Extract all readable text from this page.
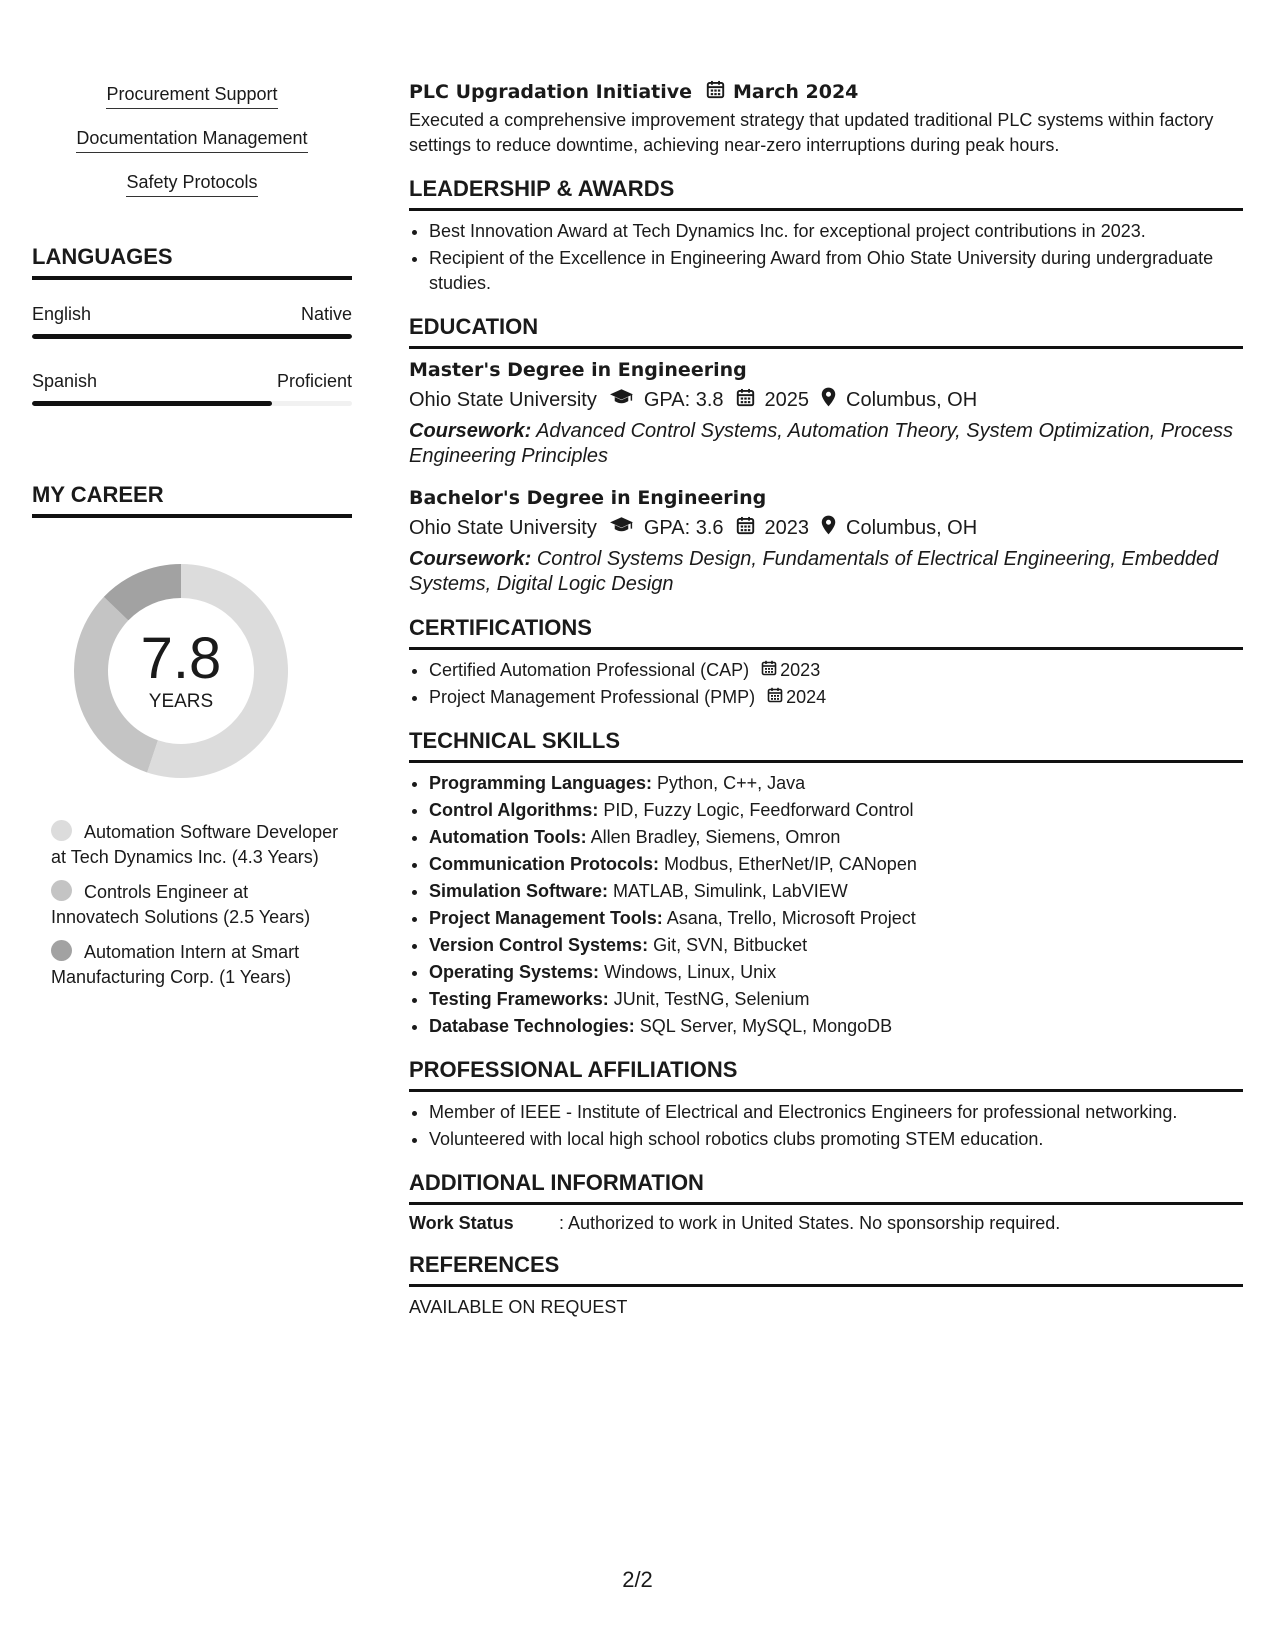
Procurement Support
Documentation Management
Safety Protocols
LANGUAGES
English	Native
Spanish	Proficient
MY CAREER
7.8
YEARS
Automation Software Developer at Tech Dynamics Inc. (4.3 Years)
Controls Engineer at Innovatech Solutions (2.5 Years)
Automation Intern at Smart Manufacturing Corp. (1 Years)
PLC Upgradation Initiative March 2024
Executed a comprehensive improvement strategy that updated traditional PLC systems within factory settings to reduce downtime, achieving near-zero interruptions during peak hours.
LEADERSHIP & AWARDS
• Best Innovation Award at Tech Dynamics Inc. for exceptional project contributions in 2023.
• Recipient of the Excellence in Engineering Award from Ohio State University during undergraduate studies.
EDUCATION
Master's Degree in Engineering
Ohio State University GPA: 3.8 2025 Columbus, OH
Coursework: Advanced Control Systems, Automation Theory, System Optimization, Process Engineering Principles
Bachelor's Degree in Engineering
Ohio State University GPA: 3.6 2023 Columbus, OH
Coursework: Control Systems Design, Fundamentals of Electrical Engineering, Embedded Systems, Digital Logic Design
CERTIFICATIONS
• Certified Automation Professional (CAP) 2023
• Project Management Professional (PMP) 2024
TECHNICAL SKILLS
• Programming Languages: Python, C++, Java
• Control Algorithms: PID, Fuzzy Logic, Feedforward Control
• Automation Tools: Allen Bradley, Siemens, Omron
• Communication Protocols: Modbus, EtherNet/IP, CANopen
• Simulation Software: MATLAB, Simulink, LabVIEW
• Project Management Tools: Asana, Trello, Microsoft Project
• Version Control Systems: Git, SVN, Bitbucket
• Operating Systems: Windows, Linux, Unix
• Testing Frameworks: JUnit, TestNG, Selenium
• Database Technologies: SQL Server, MySQL, MongoDB
PROFESSIONAL AFFILIATIONS
• Member of IEEE - Institute of Electrical and Electronics Engineers for professional networking.
• Volunteered with local high school robotics clubs promoting STEM education.
ADDITIONAL INFORMATION
Work Status	: Authorized to work in United States. No sponsorship required.
REFERENCES
AVAILABLE ON REQUEST
2/2
